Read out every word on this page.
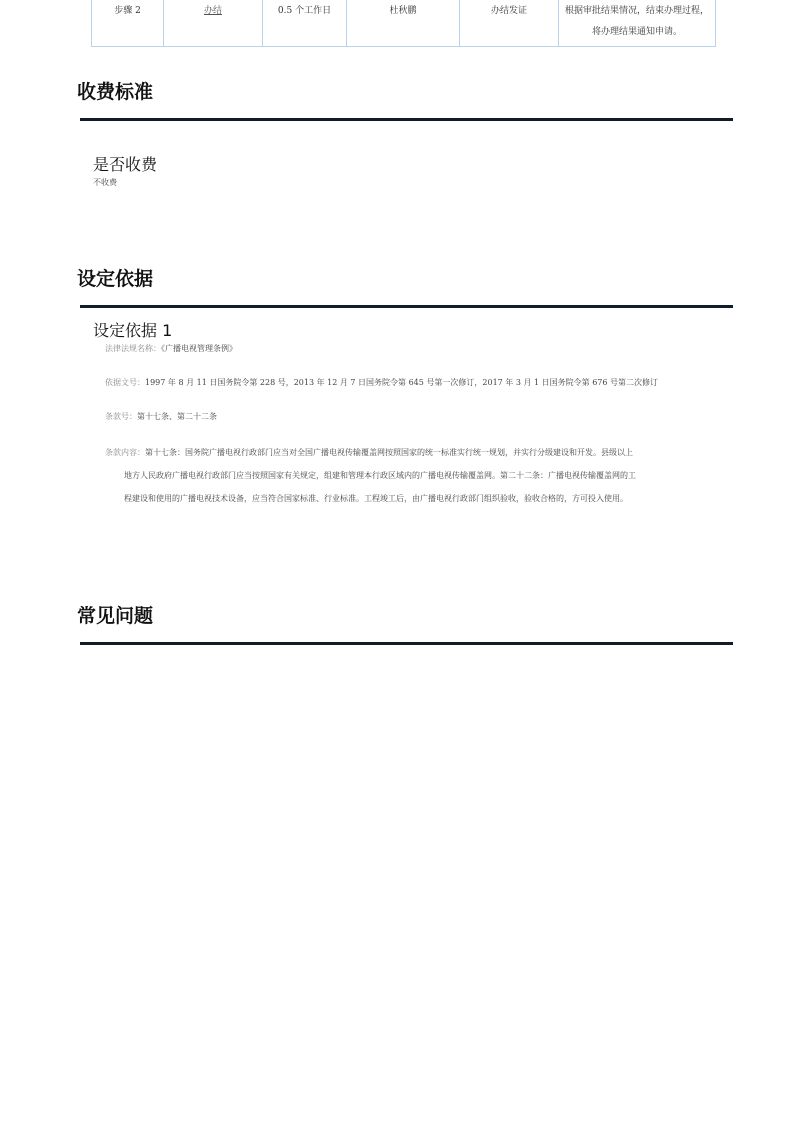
步骤 2	办结	0.5 个工作日	杜秋鹏	办结发证	根据审批结果情况，结束办理过程，
将办理结果通知申请。
收费标准
是否收费

不收费

设定依据
设定依据 1

法律法规名称：《广播电视管理条例》

依据文号：1997 年 8 月 11 日国务院令第 228 号，2013 年 12 月 7 日国务院令第 645 号第一次修订，2017 年 3 月 1 日国务院令第 676 号第二次修订

条款号：第十七条、第二十二条

条款内容：第十七条：国务院广播电视行政部门应当对全国广播电视传输覆盖网按照国家的统一标准实行统一规划，并实行分级建设和开发。县级以上
地方人民政府广播电视行政部门应当按照国家有关规定，组建和管理本行政区域内的广播电视传输覆盖网。第二十二条：广播电视传输覆盖网的工
程建设和使用的广播电视技术设备，应当符合国家标准、行业标准。工程竣工后，由广播电视行政部门组织验收，验收合格的，方可投入使用。
常见问题
